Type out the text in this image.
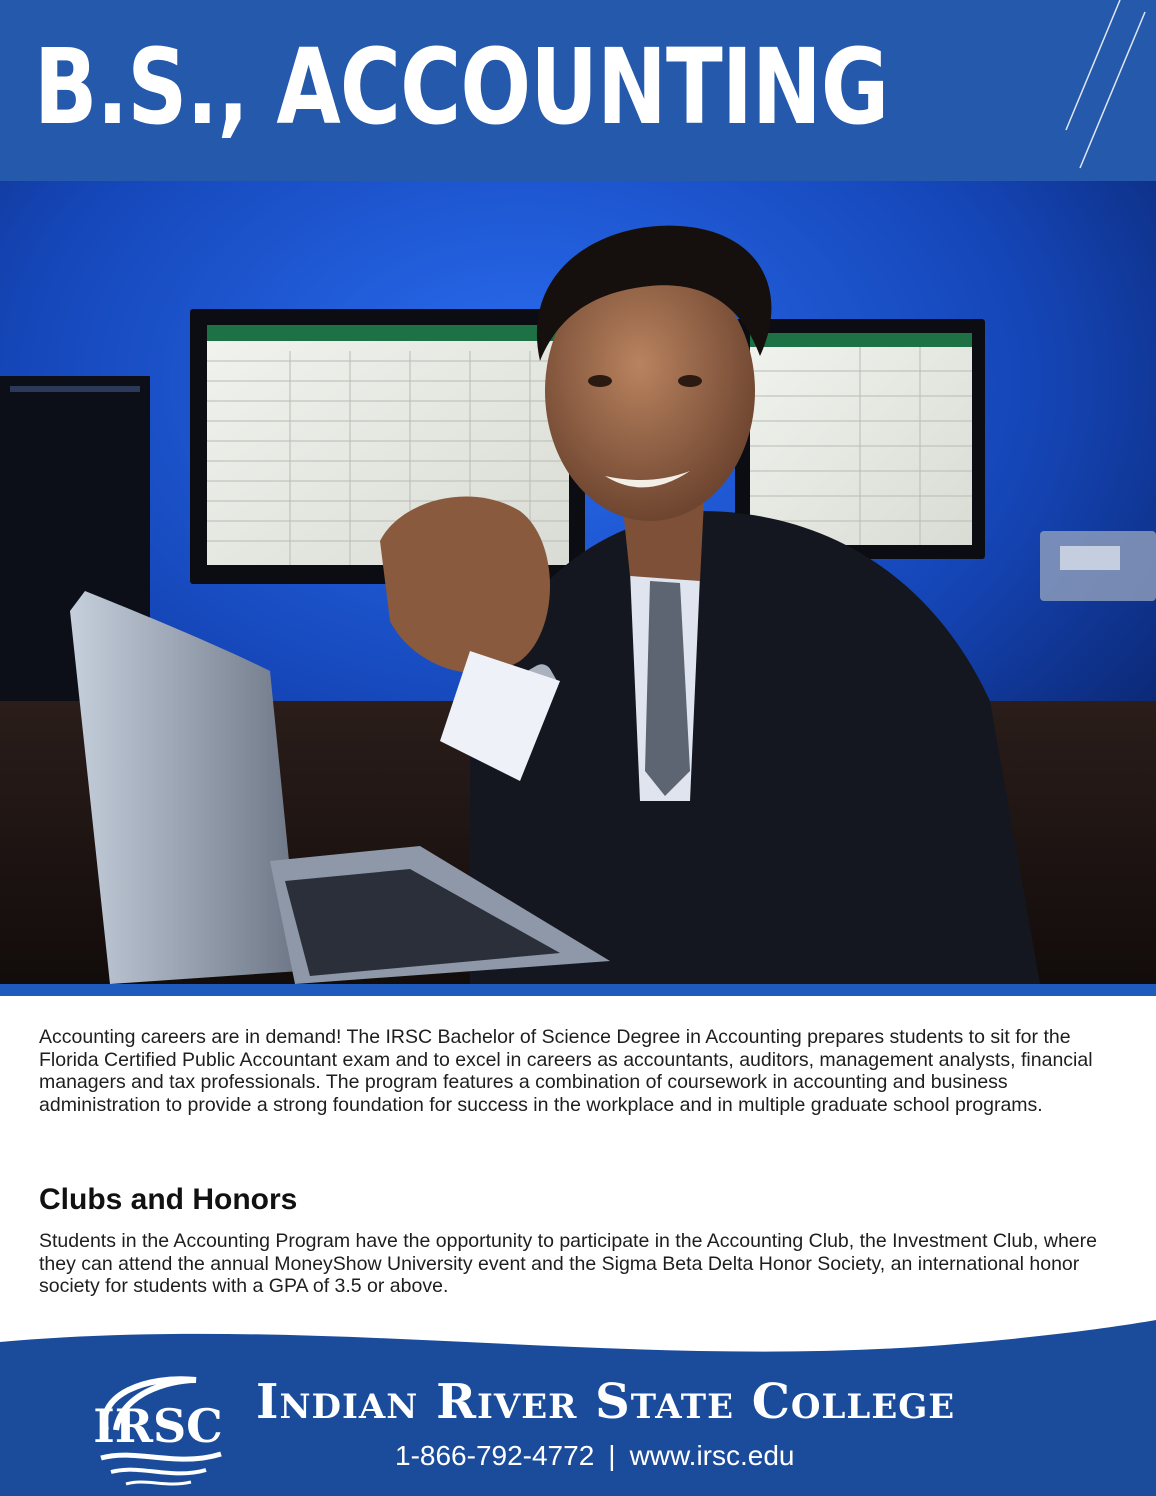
B.S., ACCOUNTING

Accounting careers are in demand! The IRSC Bachelor of Science Degree in Accounting prepares students to sit for the Florida Certified Public Accountant exam and to excel in careers as accountants, auditors, management analysts, financial managers and tax professionals. The program features a combination of coursework in accounting and business administration to provide a strong foundation for success in the workplace and in multiple graduate school programs.

Clubs and Honors

Students in the Accounting Program have the opportunity to participate in the Accounting Club, the Investment Club, where they can attend the annual MoneyShow University event and the Sigma Beta Delta Honor Society, an international honor society for students with a GPA of 3.5 or above.

IRSC Indian River State College

1-866-792-4772 | www.irsc.edu
